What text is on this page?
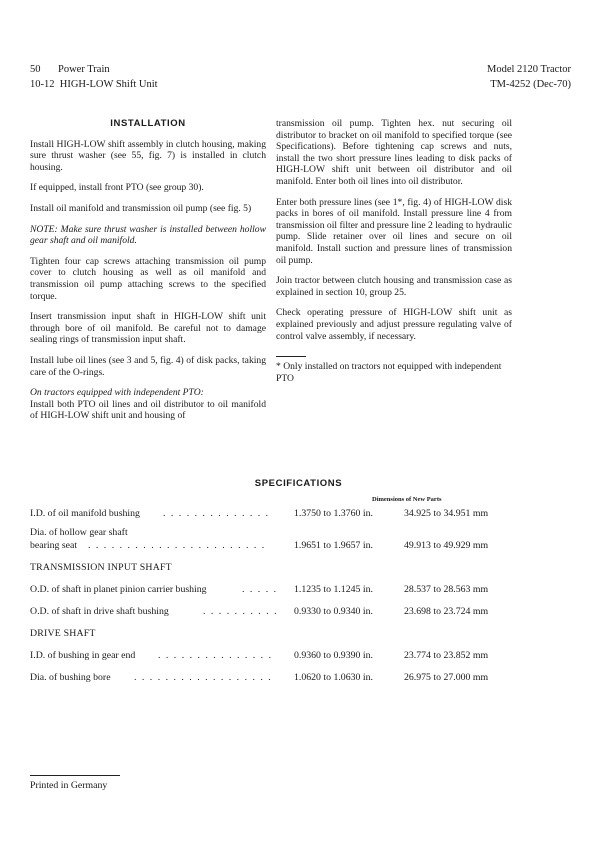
50 Power Train
10-12 HIGH-LOW Shift Unit
Model 2120 Tractor
TM-4252 (Dec-70)
INSTALLATION

Install HIGH-LOW shift assembly in clutch housing, making sure thrust washer (see 55, fig. 7) is installed in clutch housing.

If equipped, install front PTO (see group 30).

Install oil manifold and transmission oil pump (see fig. 5)

NOTE: Make sure thrust washer is installed between hollow gear shaft and oil manifold.

Tighten four cap screws attaching transmission oil pump cover to clutch housing as well as oil manifold and transmission oil pump attaching screws to the specified torque.

Insert transmission input shaft in HIGH-LOW shift unit through bore of oil manifold. Be careful not to damage sealing rings of transmission input shaft.

Install lube oil lines (see 3 and 5, fig. 4) of disk packs, taking care of the O-rings.

On tractors equipped with independent PTO:
Install both PTO oil lines and oil distributor to oil manifold of HIGH-LOW shift unit and housing of

transmission oil pump. Tighten hex. nut securing oil distributor to bracket on oil manifold to specified torque (see Specifications). Before tightening cap screws and nuts, install the two short pressure lines leading to disk packs of HIGH-LOW shift unit between oil distributor and oil manifold. Enter both oil lines into oil distributor.

Enter both pressure lines (see 1*, fig. 4) of HIGH-LOW disk packs in bores of oil manifold. Install pressure line 4 from transmission oil filter and pressure line 2 leading to hydraulic pump. Slide retainer over oil lines and secure on oil manifold. Install suction and pressure lines of transmission oil pump.

Join tractor between clutch housing and transmission case as explained in section 10, group 25.

Check operating pressure of HIGH-LOW shift unit as explained previously and adjust pressure regulating valve of control valve assembly, if necessary.

* Only installed on tractors not equipped with independent PTO
SPECIFICATIONS
Dimensions of New Parts
I.D. of oil manifold bushing . . . . . . . . . . . . . . 1.3750 to 1.3760 in.	34.925 to 34.951 mm
Dia. of hollow gear shaft
bearing seat . . . . . . . . . . . . . . . . . . . . . . .	1.9651 to 1.9657 in.	49.913 to 49.929 mm
TRANSMISSION INPUT SHAFT
O.D. of shaft in planet pinion carrier bushing	. . . . . 1.1235 to 1.1245 in.	28.537 to 28.563 mm
O.D. of shaft in drive shaft bushing	. . . . . . . . . . 0.9330 to 0.9340 in.	23.698 to 23.724 mm
DRIVE SHAFT
I.D. of bushing in gear end . . . . . . . . . . . . . . . 0.9360 to 0.9390 in.	23.774 to 23.852 mm
Dia. of bushing bore . . . . . . . . . . . . . . . . . . 1.0620 to 1.0630 in.	26.975 to 27.000 mm
Printed in Germany
